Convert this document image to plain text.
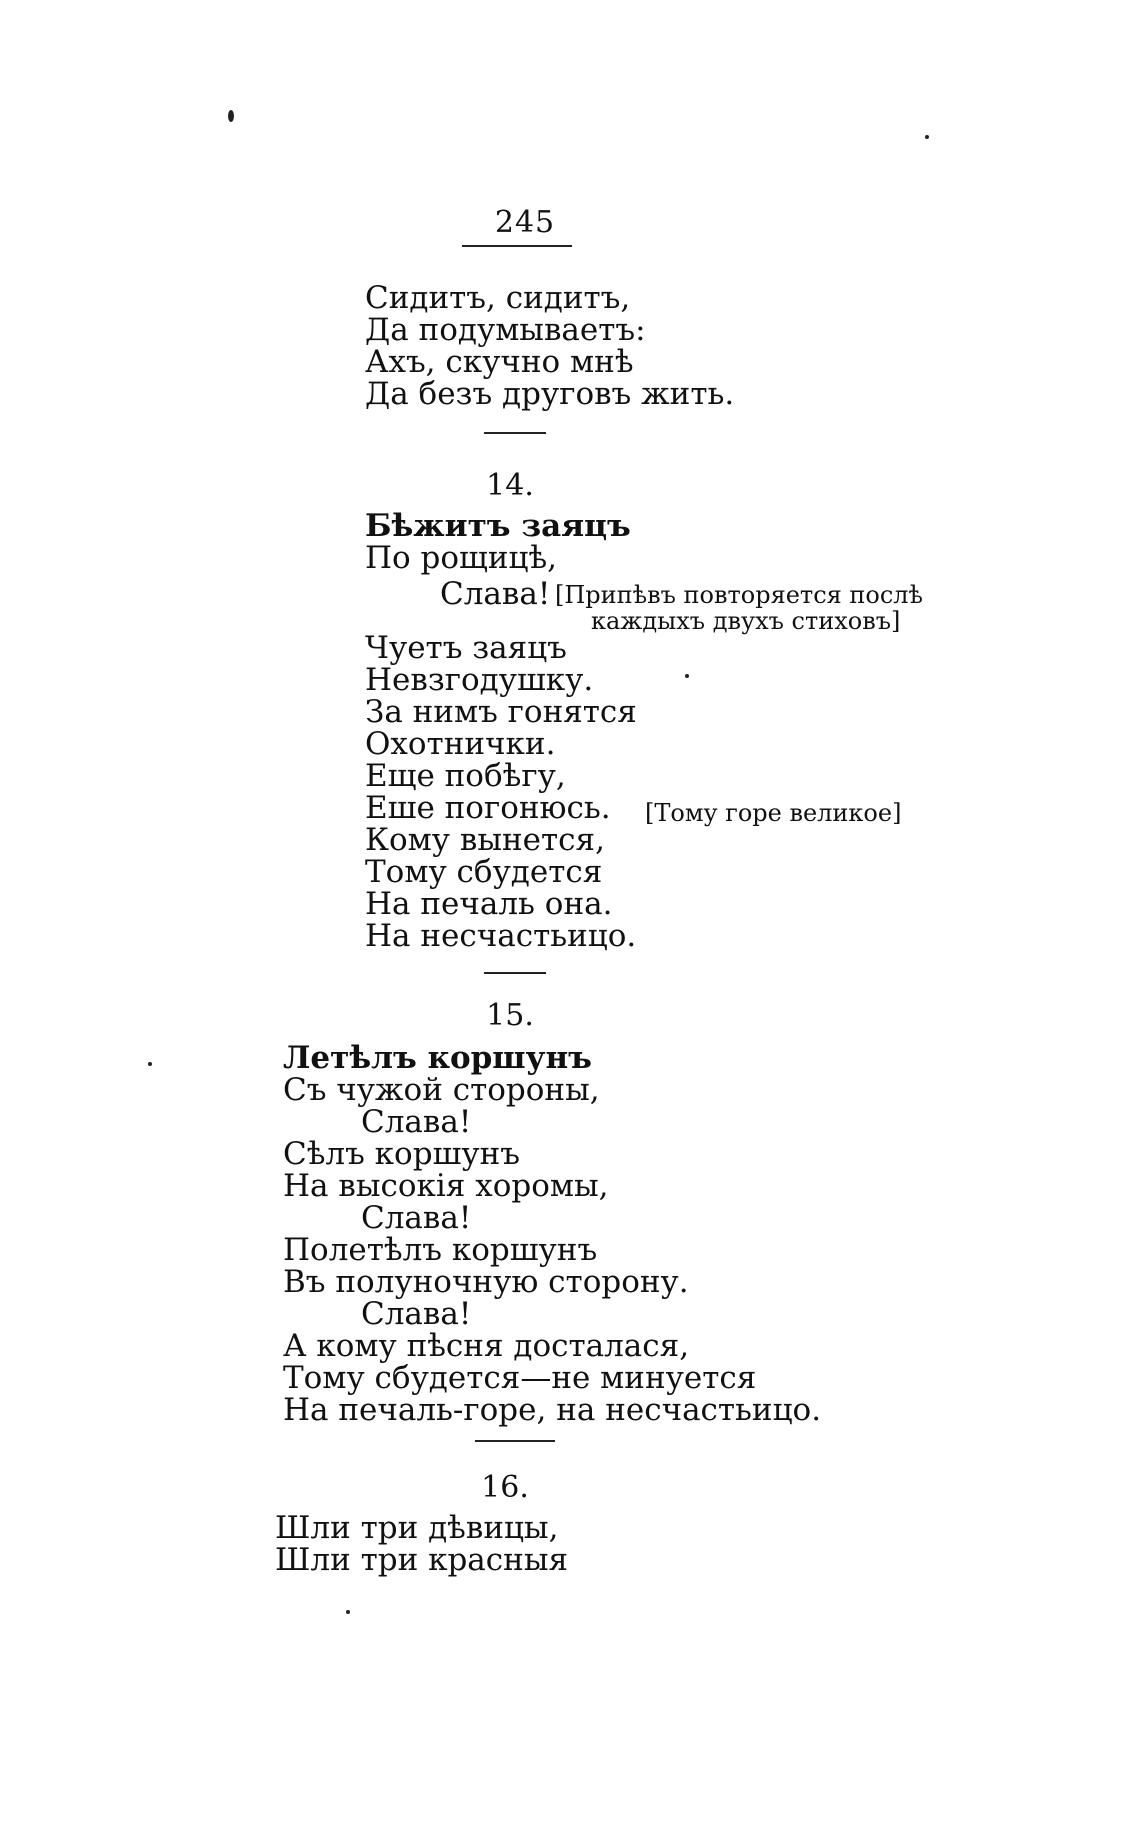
245
Сидитъ, сидитъ,
Да подумываетъ:
Ахъ, скучно мнѣ
Да безъ друговъ жить.
14.
Бѣжитъ заяцъ
По рощицѣ,
Слава! [Припѣвъ повторяется послѣ
каждыхъ двухъ стиховъ]
Чуетъ заяцъ
Невзгодушку.
За нимъ гонятся
Охотнички.
Еще побѣгу,
Еше погонюсь.
Кому вынется,
Тому сбудется
На печаль она.
На несчастьицо.
[Тому горе великое]
15.
Летѣлъ коршунъ
Съ чужой стороны,
Слава!
Сѣлъ коршунъ
На высокія хоромы,
Слава!
Полетѣлъ коршунъ
Въ полуночную сторону.
Слава!
А кому пѣсня досталася,
Тому сбудется—не минуется
На печаль-горе, на несчастьицо.
16.
Шли три дѣвицы,
Шли три красныя
